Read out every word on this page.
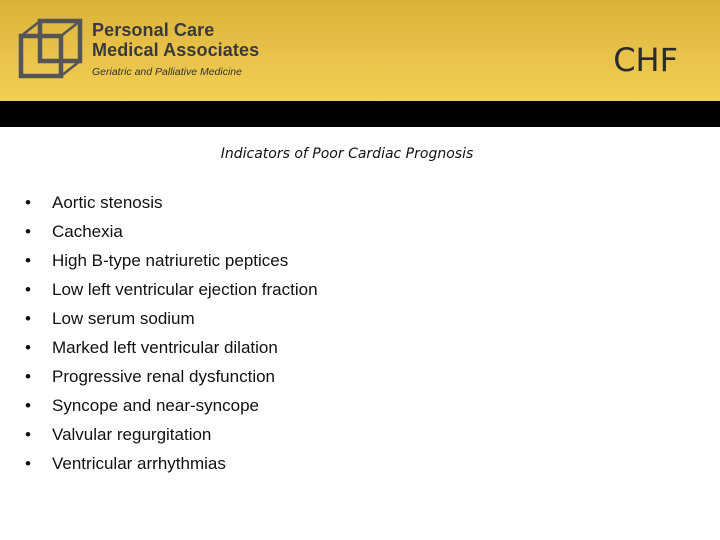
Personal Care
Medical Associates
Geriatric and Palliative Medicine	CHF
Indicators of Poor Cardiac Prognosis
•	Aortic stenosis
•	Cachexia
•	High B-type natriuretic peptices
•	Low left ventricular ejection fraction
•	Low serum sodium
•	Marked left ventricular dilation
•	Progressive renal dysfunction
•	Syncope and near-syncope
•	Valvular regurgitation
•	Ventricular arrhythmias
